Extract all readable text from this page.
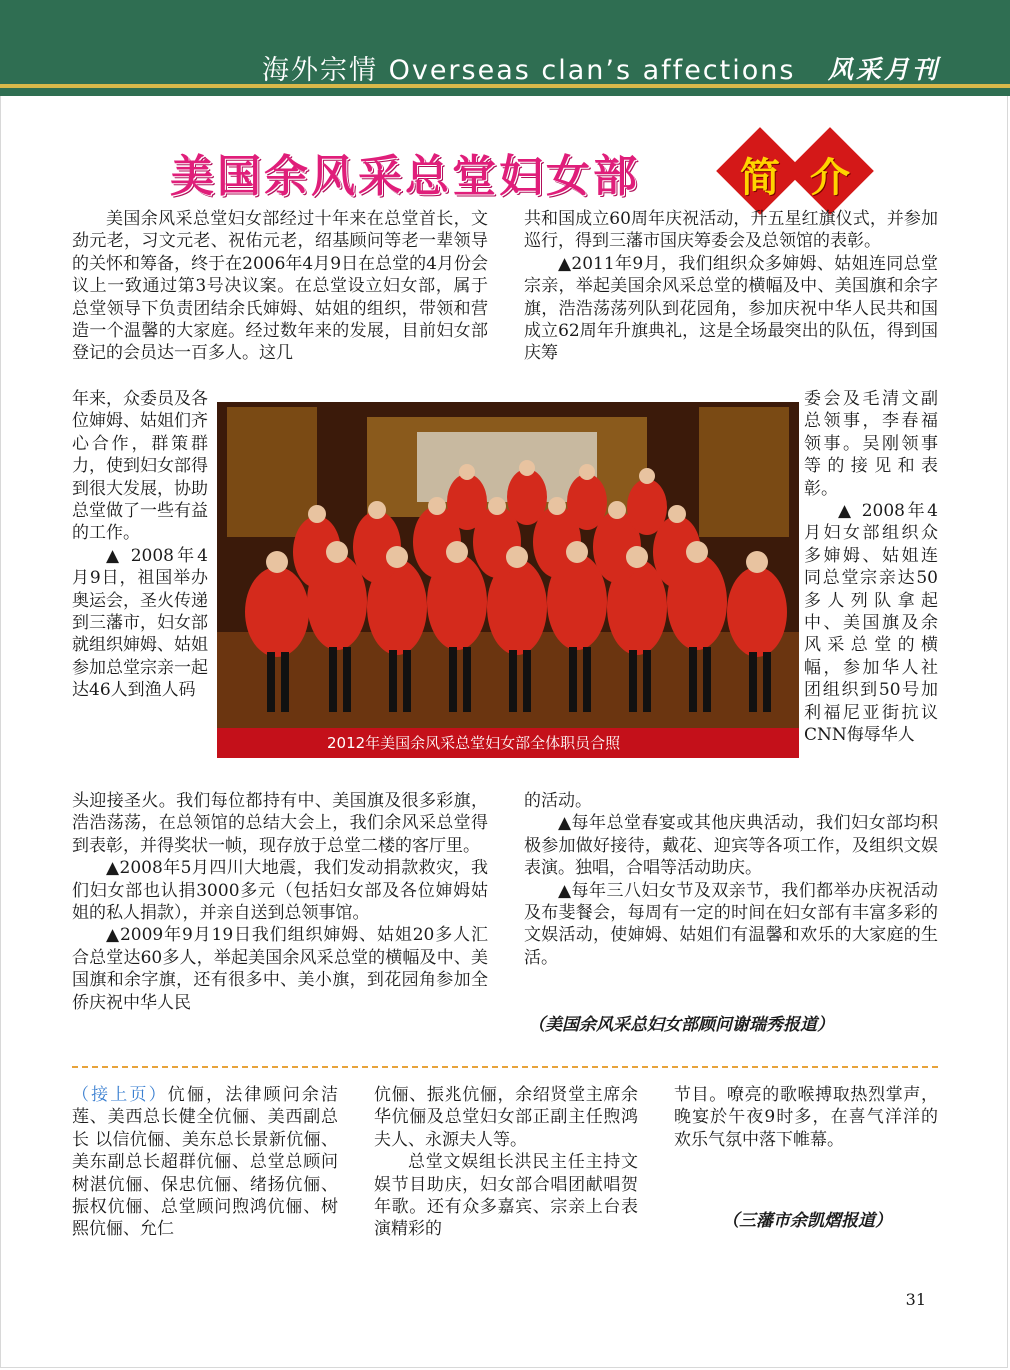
海外宗情 Overseas clan’s affections 风采月刊
美国余风采总堂妇女部	简 介

美国余风采总堂妇女部经过十年来在总堂首长，文劲元老，习文元老、祝佑元老，绍基顾问等老一辈领导的关怀和筹备，终于在2006年4月9日在总堂的4月份会议上一致通过第3号决议案。在总堂设立妇女部，属于总堂领导下负责团结余氏婶姆、姑姐的组织，带领和营造一个温馨的大家庭。经过数年来的发展，目前妇女部登记的会员达一百多人。这几

年来，众委员及各位婶姆、姑姐们齐心合作，群策群力，使到妇女部得到很大发展，协助总堂做了一些有益的工作。

▲ 2008年4月9日，祖国举办奥运会，圣火传递到三藩市，妇女部就组织婶姆、姑姐参加总堂宗亲一起达46人到渔人码

头迎接圣火。我们每位都持有中、美国旗及很多彩旗，浩浩荡荡，在总领馆的总结大会上，我们余风采总堂得到表彰，并得奖状一帧，现存放于总堂二楼的客厅里。

▲2008年5月四川大地震，我们发动捐款救灾，我们妇女部也认捐3000多元（包括妇女部及各位婶姆姑姐的私人捐款），并亲自送到总领事馆。

▲2009年9月19日我们组织婶姆、姑姐20多人汇合总堂达60多人，举起美国余风采总堂的横幅及中、美国旗和余字旗，还有很多中、美小旗，到花园角参加全侨庆祝中华人民

共和国成立60周年庆祝活动，升五星红旗仪式，并参加巡行，得到三藩市国庆筹委会及总领馆的表彰。

▲2011年9月，我们组织众多婶姆、姑姐连同总堂宗亲，举起美国余风采总堂的横幅及中、美国旗和余字旗，浩浩荡荡列队到花园角，参加庆祝中华人民共和国成立62周年升旗典礼，这是全场最突出的队伍，得到国庆筹

委会及毛清文副总领事，李春福领事。吴刚领事等的接见和表彰。

▲ 2008年4月妇女部组织众多婶姆、姑姐连同总堂宗亲达50多人列队拿起中、美国旗及余风采总堂的横幅，参加华人社团组织到50号加利福尼亚街抗议CNN侮辱华人

的活动。

▲每年总堂春宴或其他庆典活动，我们妇女部均积极参加做好接待，戴花、迎宾等各项工作，及组织文娱表演。独唱，合唱等活动助庆。

▲每年三八妇女节及双亲节，我们都举办庆祝活动及布斐餐会，每周有一定的时间在妇女部有丰富多彩的文娱活动，使婶姆、姑姐们有温馨和欢乐的大家庭的生活。

（美国余风采总妇女部顾问谢瑞秀报道）
2012年美国余风采总堂妇女部全体职员合照

（接上页）伉俪，法律顾问余洁莲、美西总长健全伉俪、美西副总长 以信伉俪、美东总长景新伉俪、美东副总长超群伉俪、总堂总顾问树湛伉俪、保忠伉俪、绪扬伉俪、振权伉俪、总堂顾问煦鸿伉俪、树熙伉俪、允仁

伉俪、振兆伉俪，余绍贤堂主席余华伉俪及总堂妇女部正副主任煦鸿夫人、永源夫人等。

总堂文娱组长洪民主任主持文娱节目助庆，妇女部合唱团献唱贺年歌。还有众多嘉宾、宗亲上台表演精彩的

节目。嘹亮的歌喉搏取热烈掌声，晚宴於午夜9时多，在喜气洋洋的欢乐气氛中落下帷幕。

（三藩市余凯熠报道）
31
